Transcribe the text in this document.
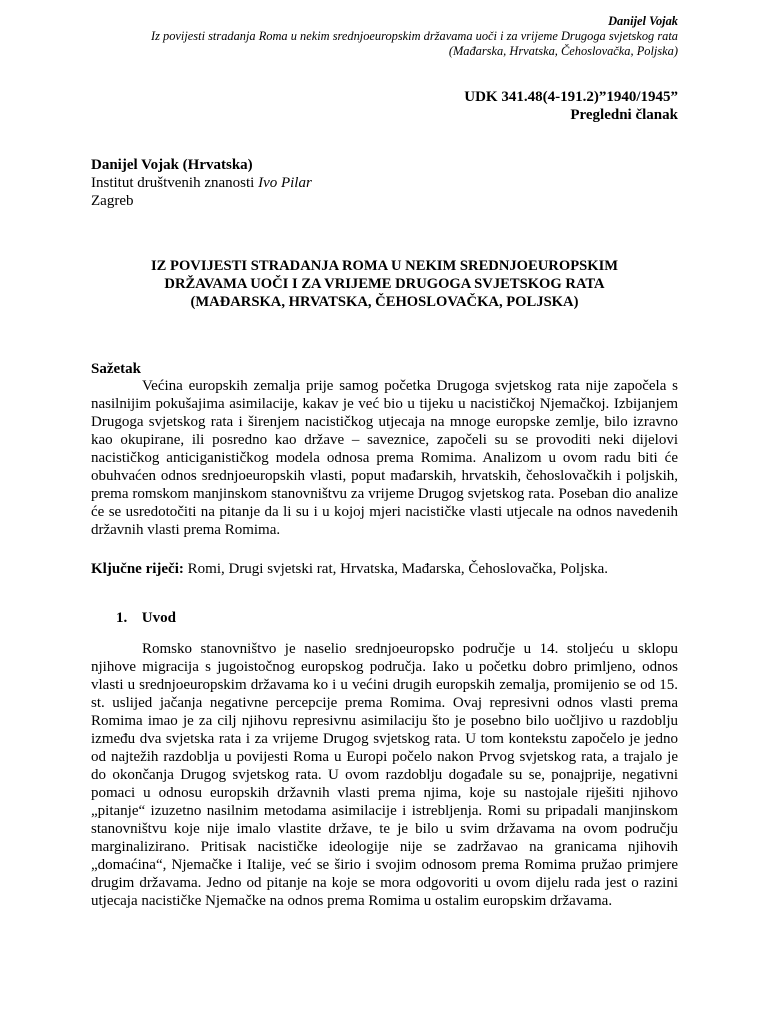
Danijel Vojak
Iz povijesti stradanja Roma u nekim srednjoeuropskim državama uoči i za vrijeme Drugoga svjetskog rata
(Mađarska, Hrvatska, Čehoslovačka, Poljska)
UDK 341.48(4-191.2)”1940/1945”
Pregledni članak
Danijel Vojak (Hrvatska)
Institut društvenih znanosti Ivo Pilar
Zagreb
IZ POVIJESTI STRADANJA ROMA U NEKIM SREDNJOEUROPSKIM
DRŽAVAMA UOČI I ZA VRIJEME DRUGOGA SVJETSKOG RATA
(MAĐARSKA, HRVATSKA, ČEHOSLOVAČKA, POLJSKA)
Sažetak

Većina europskih zemalja prije samog početka Drugoga svjetskog rata nije započela s nasilnijim pokušajima asimilacije, kakav je već bio u tijeku u nacističkoj Njemačkoj. Izbijanjem Drugoga svjetskog rata i širenjem nacističkog utjecaja na mnoge europske zemlje, bilo izravno kao okupirane, ili posredno kao države – saveznice, započeli su se provoditi neki dijelovi nacističkog anticiganističkog modela odnosa prema Romima. Analizom u ovom radu biti će obuhvaćen odnos srednjoeuropskih vlasti, poput mađarskih, hrvatskih, čehoslovačkih i poljskih, prema romskom manjinskom stanovništvu za vrijeme Drugog svjetskog rata. Poseban dio analize će se usredotočiti na pitanje da li su i u kojoj mjeri nacističke vlasti utjecale na odnos navedenih državnih vlasti prema Romima.

Ključne riječi: Romi, Drugi svjetski rat, Hrvatska, Mađarska, Čehoslovačka, Poljska.
1. Uvod

Romsko stanovništvo je naselio srednjoeuropsko područje u 14. stoljeću u sklopu njihove migracija s jugoistočnog europskog područja. Iako u početku dobro primljeno, odnos vlasti u srednjoeuropskim državama ko i u većini drugih europskih zemalja, promijenio se od 15. st. uslijed jačanja negativne percepcije prema Romima. Ovaj represivni odnos vlasti prema Romima imao je za cilj njihovu represivnu asimilaciju što je posebno bilo uočljivo u razdoblju između dva svjetska rata i za vrijeme Drugog svjetskog rata. U tom kontekstu započelo je jedno od najtežih razdoblja u povijesti Roma u Europi počelo nakon Prvog svjetskog rata, a trajalo je do okončanja Drugog svjetskog rata. U ovom razdoblju događale su se, ponajprije, negativni pomaci u odnosu europskih državnih vlasti prema njima, koje su nastojale riješiti njihovo „pitanje“ izuzetno nasilnim metodama asimilacije i istrebljenja. Romi su pripadali manjinskom stanovništvu koje nije imalo vlastite države, te je bilo u svim državama na ovom području marginalizirano. Pritisak nacističke ideologije nije se zadržavao na granicama njihovih „domaćina“, Njemačke i Italije, već se širio i svojim odnosom prema Romima pružao primjere drugim državama. Jedno od pitanje na koje se mora odgovoriti u ovom dijelu rada jest o razini utjecaja nacističke Njemačke na odnos prema Romima u ostalim europskim državama.
